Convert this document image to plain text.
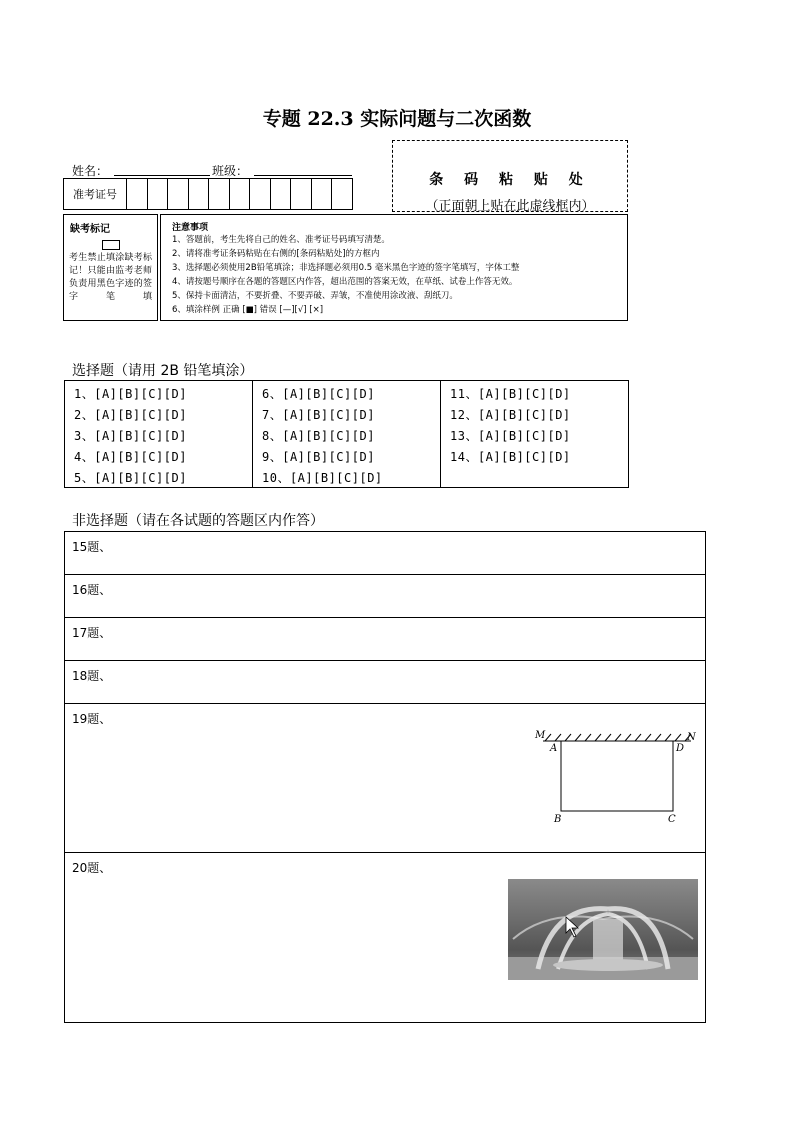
专题 22.3 实际问题与二次函数
姓名：	班级：
准考证号
条 码 粘 贴 处
（正面朝上贴在此虚线框内）
缺考标记
考生禁止填涂缺考标记！只能由监考老师负责用黑色字迹的签字笔填
注意事项
1、答题前，考生先将自己的姓名、准考证号码填写清楚。
2、请将准考证条码粘贴在右侧的[条码粘贴处]的方框内
3、选择题必须使用2B铅笔填涂；非选择题必须用0.5 毫米黑色字迹的签字笔填写，字体工整
4、请按题号顺序在各题的答题区内作答，超出范围的答案无效，在草纸、试卷上作答无效。
5、保持卡面清洁，不要折叠、不要弄破、弄皱，不准使用涂改液、刮纸刀。
6、填涂样例 正确 [■] 错误 [—][√] [×]
选择题（请用 2B 铅笔填涂）
1、[A][B][C][D]
2、[A][B][C][D]
3、[A][B][C][D]
4、[A][B][C][D]
5、[A][B][C][D]
6、[A][B][C][D]
7、[A][B][C][D]
8、[A][B][C][D]
9、[A][B][C][D]
10、[A][B][C][D]
11、[A][B][C][D]
12、[A][B][C][D]
13、[A][B][C][D]
14、[A][B][C][D]
非选择题（请在各试题的答题区内作答）
15题、
16题、
17题、
18题、
19题、
M	N
A	D
B	C
20题、
